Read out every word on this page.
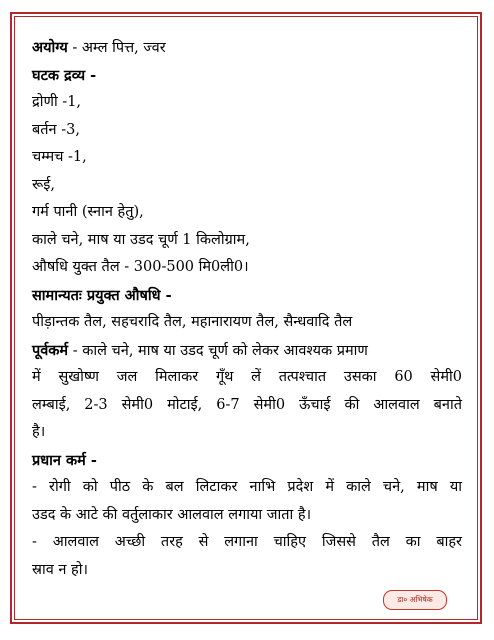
अयोग्य - अम्ल पित्त, ज्वर
घटक द्रव्य -
द्रोणी -1,
बर्तन -3,
चम्मच -1,
रूई,
गर्म पानी (स्नान हेतु),
काले चने, माष या उडद चूर्ण 1 किलोग्राम,
औषधि युक्त तैल - 300-500 मि0ली0।
सामान्यतः प्रयुक्त औषधि -
पीड़ान्तक तैल, सहचरादि तैल, महानारायण तैल, सैन्धवादि तैल
पूर्वकर्म - काले चने, माष या उडद चूर्ण को लेकर आवश्यक प्रमाण
में सुखोष्ण जल मिलाकर गूँथ लें तत्पश्चात उसका 60 सेमी0
लम्बाई, 2-3 सेमी0 मोटाई, 6-7 सेमी0 ऊँचाई की आलवाल बनाते
है।
प्रधान कर्म -
- रोगी को पीठ के बल लिटाकर नाभि प्रदेश में काले चने, माष या
उडद के आटे की वर्तुलाकार आलवाल लगाया जाता है।
- आलवाल अच्छी तरह से लगाना चाहिए जिससे तैल का बाहर
स्राव न हो।
डा० अभिषेक
